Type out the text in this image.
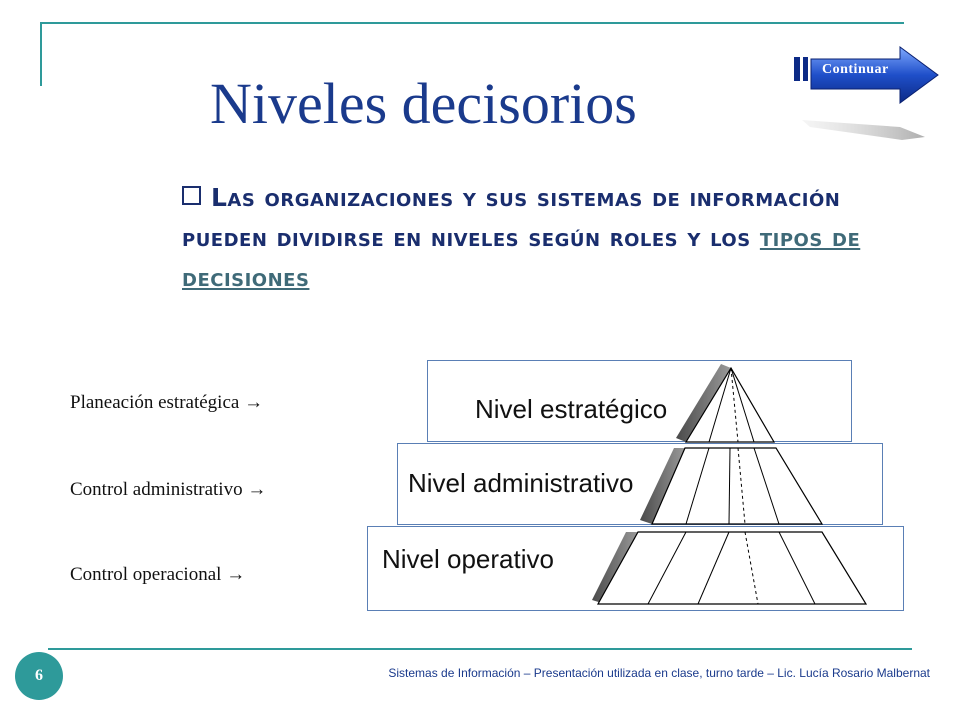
Niveles decisorios
Continuar
Las organizaciones y sus sistemas de información pueden dividirse en niveles según roles y los tipos de decisiones
Planeación estratégica →
Control administrativo →
Control operacional →
Nivel estratégico
Nivel administrativo
Nivel operativo
6	Sistemas de Información – Presentación utilizada en clase, turno tarde – Lic. Lucía Rosario Malbernat
